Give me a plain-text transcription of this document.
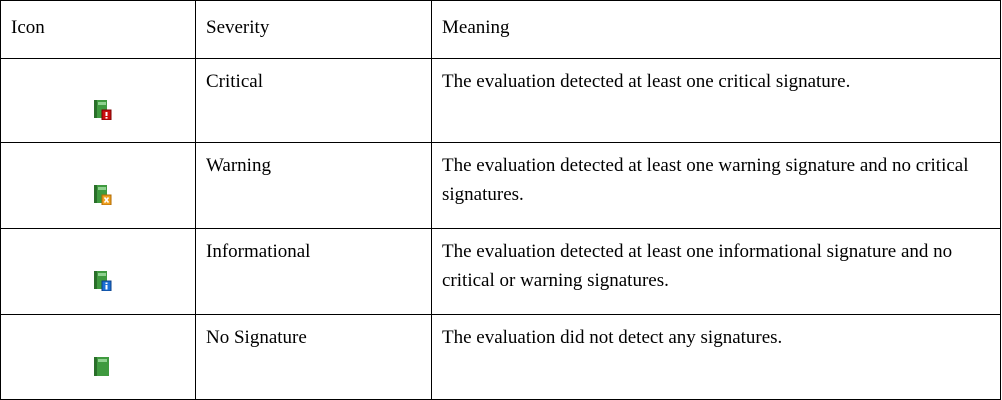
Icon	Severity	Meaning

	Critical	The evaluation detected at least one critical signature.

	Warning	The evaluation detected at least one warning signature and no critical signatures.

	Informational	The evaluation detected at least one informational signature and no critical or warning signatures.

	No Signature	The evaluation did not detect any signatures.
